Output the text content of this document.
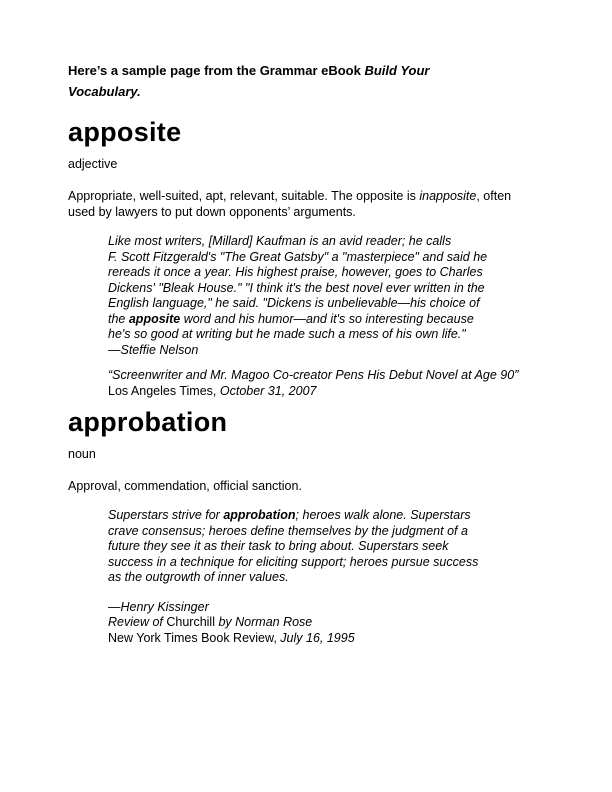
Here’s a sample page from the Grammar eBook Build Your
Vocabulary.

apposite

adjective

Appropriate, well-suited, apt, relevant, suitable. The opposite is inapposite, often
used by lawyers to put down opponents’ arguments.

Like most writers, [Millard] Kaufman is an avid reader; he calls
F. Scott Fitzgerald's "The Great Gatsby" a "masterpiece" and said he
rereads it once a year. His highest praise, however, goes to Charles
Dickens' "Bleak House." "I think it's the best novel ever written in the
English language," he said. "Dickens is unbelievable—his choice of
the apposite word and his humor—and it's so interesting because
he's so good at writing but he made such a mess of his own life."
—Steffie Nelson
“Screenwriter and Mr. Magoo Co-creator Pens His Debut Novel at Age 90”
Los Angeles Times, October 31, 2007
approbation

noun

Approval, commendation, official sanction.

Superstars strive for approbation; heroes walk alone. Superstars
crave consensus; heroes define themselves by the judgment of a
future they see it as their task to bring about. Superstars seek
success in a technique for eliciting support; heroes pursue success
as the outgrowth of inner values.
—Henry Kissinger
Review of Churchill by Norman Rose
New York Times Book Review, July 16, 1995
